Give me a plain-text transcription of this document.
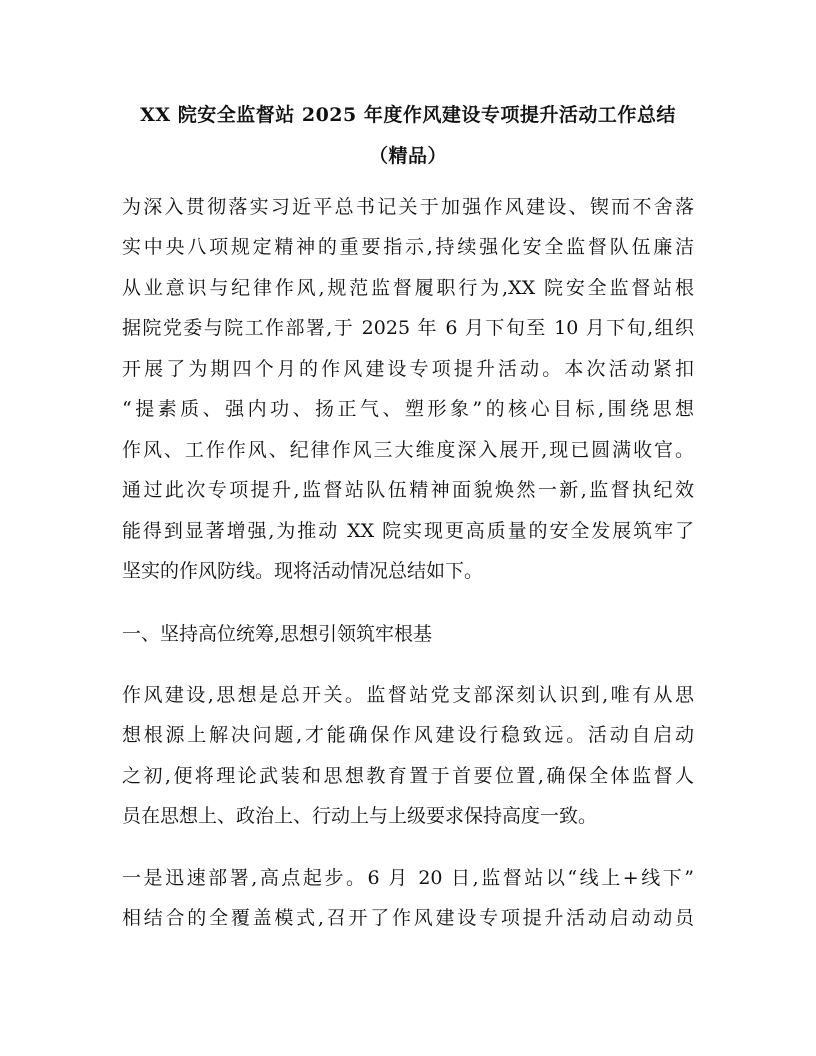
XX 院安全监督站 2025 年度作风建设专项提升活动工作总结
（精品）
为深入贯彻落实习近平总书记关于加强作风建设、锲而不舍落
实中央八项规定精神的重要指示,持续强化安全监督队伍廉洁
从业意识与纪律作风,规范监督履职行为,XX 院安全监督站根
据院党委与院工作部署,于 2025 年 6 月下旬至 10 月下旬,组织
开展了为期四个月的作风建设专项提升活动。本次活动紧扣
“提素质、强内功、扬正气、塑形象”的核心目标,围绕思想
作风、工作作风、纪律作风三大维度深入展开,现已圆满收官。
通过此次专项提升,监督站队伍精神面貌焕然一新,监督执纪效
能得到显著增强,为推动 XX 院实现更高质量的安全发展筑牢了
坚实的作风防线。现将活动情况总结如下。
一、坚持高位统筹,思想引领筑牢根基
作风建设,思想是总开关。监督站党支部深刻认识到,唯有从思
想根源上解决问题,才能确保作风建设行稳致远。活动自启动
之初,便将理论武装和思想教育置于首要位置,确保全体监督人
员在思想上、政治上、行动上与上级要求保持高度一致。
一是迅速部署,高点起步。6 月 20 日,监督站以“线上+线下”
相结合的全覆盖模式,召开了作风建设专项提升活动启动动员
